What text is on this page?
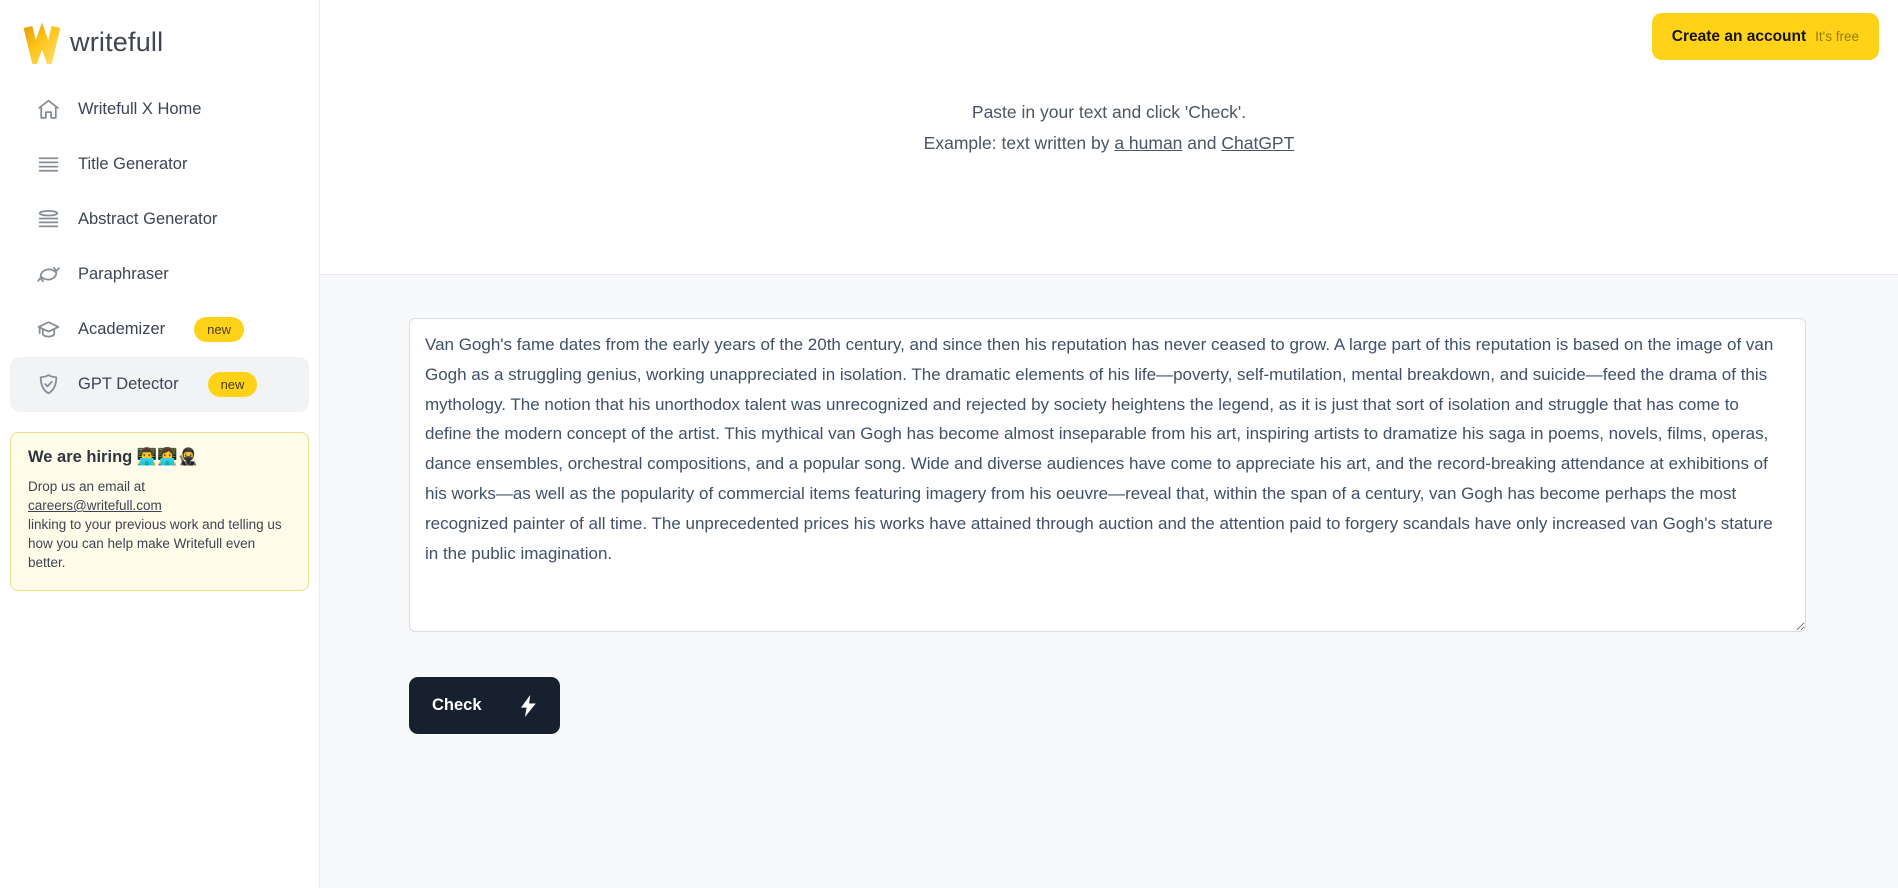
writefull
Writefull X Home
Title Generator
Abstract Generator
Paraphraser
Academizer	new
GPT Detector	new
We are hiring 👨‍💻👩‍💻🥷
Drop us an email at
careers@writefull.com
linking to your previous work and telling us how you can help make Writefull even better.
Create an account It's free
Paste in your text and click 'Check'.
Example: text written by a human and ChatGPT
Van Gogh's fame dates from the early years of the 20th century, and since then his reputation has never ceased to grow. A large part of this reputation is based on the image of van Gogh as a struggling genius, working unappreciated in isolation. The dramatic elements of his life—poverty, self-mutilation, mental breakdown, and suicide—feed the drama of this mythology. The notion that his unorthodox talent was unrecognized and rejected by society heightens the legend, as it is just that sort of isolation and struggle that has come to define the modern concept of the artist. This mythical van Gogh has become almost inseparable from his art, inspiring artists to dramatize his saga in poems, novels, films, operas, dance ensembles, orchestral compositions, and a popular song. Wide and diverse audiences have come to appreciate his art, and the record-breaking attendance at exhibitions of his works—as well as the popularity of commercial items featuring imagery from his oeuvre—reveal that, within the span of a century, van Gogh has become perhaps the most recognized painter of all time. The unprecedented prices his works have attained through auction and the attention paid to forgery scandals have only increased van Gogh's stature in the public imagination.
Check
